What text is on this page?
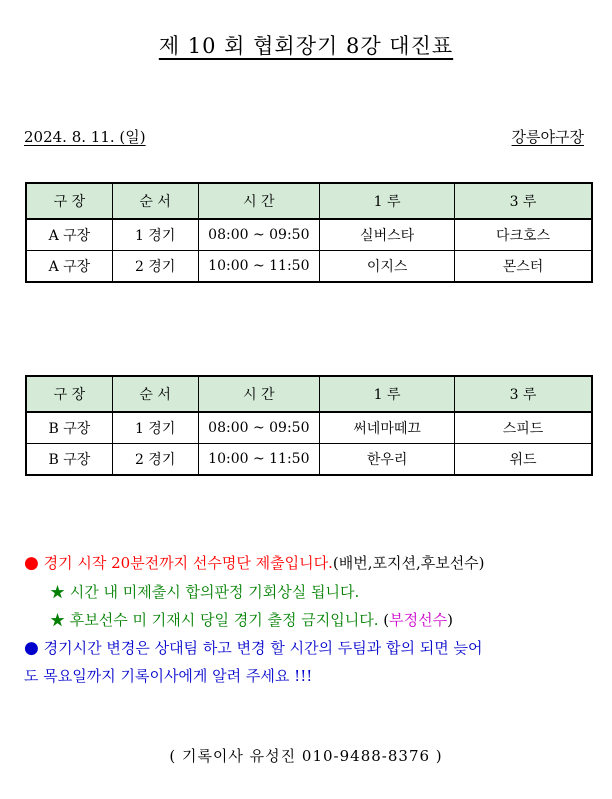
제 10 회 협회장기 8강 대진표
2024. 8. 11. (일)	강릉야구장
구 장	순 서	시 간	1 루	3 루
A 구장	1 경기	08:00 ~ 09:50	실버스타	다크호스
A 구장	2 경기	10:00 ~ 11:50	이지스	몬스터
구 장	순 서	시 간	1 루	3 루
B 구장	1 경기	08:00 ~ 09:50	써네마떼끄	스피드
B 구장	2 경기	10:00 ~ 11:50	한우리	위드
● 경기 시작 20분전까지 선수명단 제출입니다.(배번,포지션,후보선수)
★ 시간 내 미제출시 합의판정 기회상실 됩니다.
★ 후보선수 미 기재시 당일 경기 출정 금지입니다. (부정선수)
● 경기시간 변경은 상대팀 하고 변경 할 시간의 두팀과 합의 되면 늦어
도 목요일까지 기록이사에게 알려 주세요 !!!
( 기록이사 유성진 010-9488-8376 )
